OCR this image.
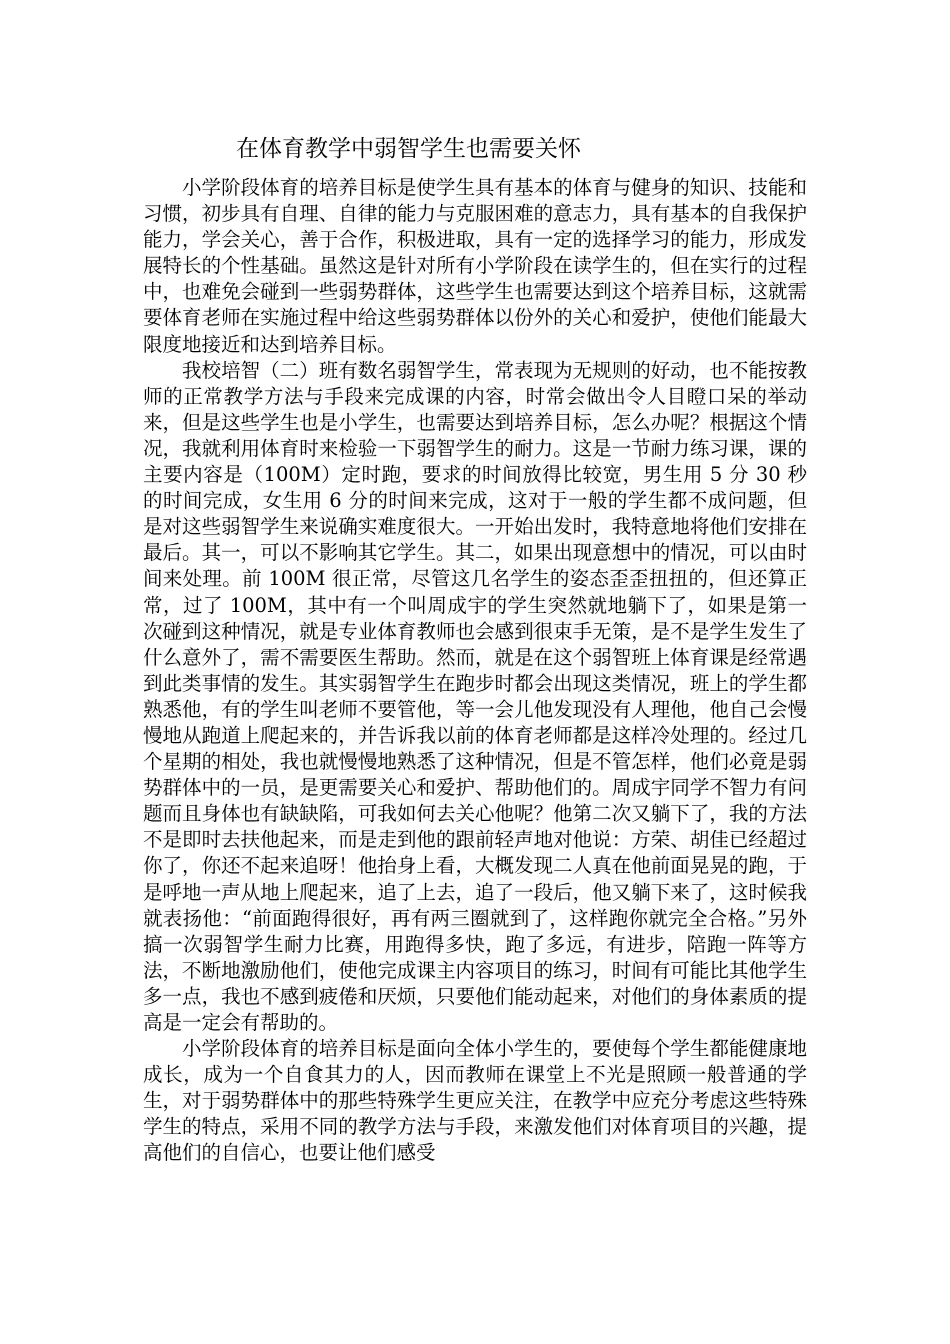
在体育教学中弱智学生也需要关怀

小学阶段体育的培养目标是使学生具有基本的体育与健身的知识、技能和习惯，初步具有自理、自律的能力与克服困难的意志力，具有基本的自我保护能力，学会关心，善于合作，积极进取，具有一定的选择学习的能力，形成发展特长的个性基础。虽然这是针对所有小学阶段在读学生的，但在实行的过程中，也难免会碰到一些弱势群体，这些学生也需要达到这个培养目标，这就需要体育老师在实施过程中给这些弱势群体以份外的关心和爱护，使他们能最大限度地接近和达到培养目标。

我校培智（二）班有数名弱智学生，常表现为无规则的好动，也不能按教师的正常教学方法与手段来完成课的内容，时常会做出令人目瞪口呆的举动来，但是这些学生也是小学生，也需要达到培养目标，怎么办呢？根据这个情况，我就利用体育时来检验一下弱智学生的耐力。这是一节耐力练习课，课的主要内容是（100M）定时跑，要求的时间放得比较宽，男生用 5 分 30 秒的时间完成，女生用 6 分的时间来完成，这对于一般的学生都不成问题，但是对这些弱智学生来说确实难度很大。一开始出发时，我特意地将他们安排在最后。其一，可以不影响其它学生。其二，如果出现意想中的情况，可以由时间来处理。前 100M 很正常，尽管这几名学生的姿态歪歪扭扭的，但还算正常，过了 100M，其中有一个叫周成宇的学生突然就地躺下了，如果是第一次碰到这种情况，就是专业体育教师也会感到很束手无策，是不是学生发生了什么意外了，需不需要医生帮助。然而，就是在这个弱智班上体育课是经常遇到此类事情的发生。其实弱智学生在跑步时都会出现这类情况，班上的学生都熟悉他，有的学生叫老师不要管他，等一会儿他发现没有人理他，他自己会慢慢地从跑道上爬起来的，并告诉我以前的体育老师都是这样冷处理的。经过几个星期的相处，我也就慢慢地熟悉了这种情况，但是不管怎样，他们必竟是弱势群体中的一员，是更需要关心和爱护、帮助他们的。周成宇同学不智力有问题而且身体也有缺缺陷，可我如何去关心他呢？他第二次又躺下了，我的方法不是即时去扶他起来，而是走到他的跟前轻声地对他说：方荣、胡佳已经超过你了，你还不起来追呀！他抬身上看，大概发现二人真在他前面晃晃的跑，于是呼地一声从地上爬起来，追了上去，追了一段后，他又躺下来了，这时候我就表扬他：“前面跑得很好，再有两三圈就到了，这样跑你就完全合格。”另外搞一次弱智学生耐力比赛，用跑得多快，跑了多远，有进步，陪跑一阵等方法，不断地激励他们，使他完成课主内容项目的练习，时间有可能比其他学生多一点，我也不感到疲倦和厌烦，只要他们能动起来，对他们的身体素质的提高是一定会有帮助的。

小学阶段体育的培养目标是面向全体小学生的，要使每个学生都能健康地成长，成为一个自食其力的人，因而教师在课堂上不光是照顾一般普通的学生，对于弱势群体中的那些特殊学生更应关注，在教学中应充分考虑这些特殊学生的特点，采用不同的教学方法与手段，来激发他们对体育项目的兴趣，提高他们的自信心，也要让他们感受
